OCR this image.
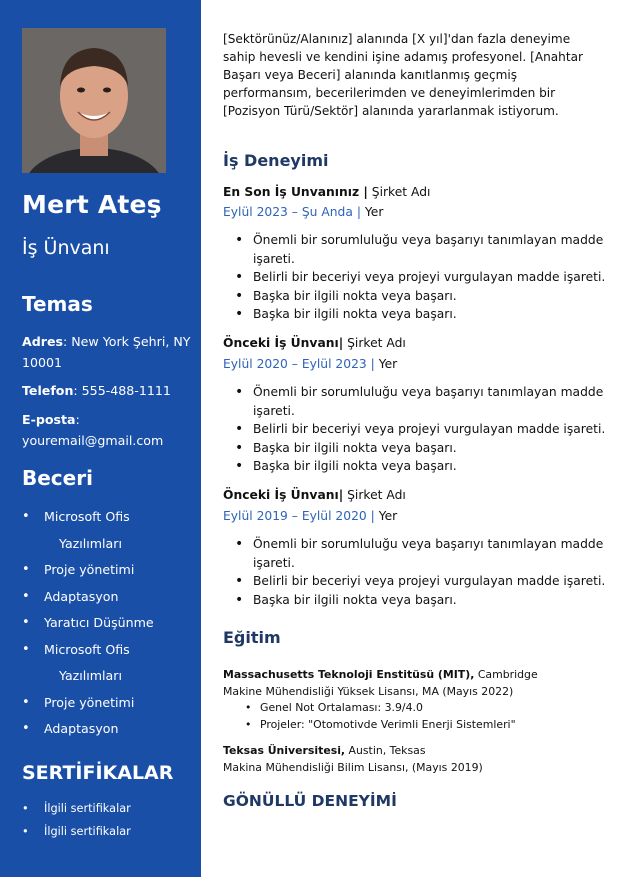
Mert Ateş
İş Ünvanı
Temas
Adres: New York Şehri, NY 10001
Telefon: 555-488-1111
E-posta:
youremail@gmail.com
Beceri
• Microsoft Ofis
Yazılımları
• Proje yönetimi
• Adaptasyon
• Yaratıcı Düşünme
• Microsoft Ofis
Yazılımları
• Proje yönetimi
• Adaptasyon
SERTİFİKALAR
• İlgili sertifikalar
• İlgili sertifikalar
[Sektörünüz/Alanınız] alanında [X yıl]'dan fazla deneyime sahip hevesli ve kendini işine adamış profesyonel. [Anahtar Başarı veya Beceri] alanında kanıtlanmış geçmiş performansım, becerilerimden ve deneyimlerimden bir [Pozisyon Türü/Sektör] alanında yararlanmak istiyorum.
İş Deneyimi
En Son İş Unvanınız | Şirket Adı
Eylül 2023 – Şu Anda | Yer
• Önemli bir sorumluluğu veya başarıyı tanımlayan madde işareti.
• Belirli bir beceriyi veya projeyi vurgulayan madde işareti.
• Başka bir ilgili nokta veya başarı.
• Başka bir ilgili nokta veya başarı.
Önceki İş Ünvanı| Şirket Adı
Eylül 2020 – Eylül 2023 | Yer
• Önemli bir sorumluluğu veya başarıyı tanımlayan madde işareti.
• Belirli bir beceriyi veya projeyi vurgulayan madde işareti.
• Başka bir ilgili nokta veya başarı.
• Başka bir ilgili nokta veya başarı.
Önceki İş Ünvanı| Şirket Adı
Eylül 2019 – Eylül 2020 | Yer
• Önemli bir sorumluluğu veya başarıyı tanımlayan madde işareti.
• Belirli bir beceriyi veya projeyi vurgulayan madde işareti.
• Başka bir ilgili nokta veya başarı.
Eğitim
Massachusetts Teknoloji Enstitüsü (MIT), Cambridge
Makine Mühendisliği Yüksek Lisansı, MA (Mayıs 2022)
• Genel Not Ortalaması: 3.9/4.0
• Projeler: "Otomotivde Verimli Enerji Sistemleri"
Teksas Üniversitesi, Austin, Teksas
Makina Mühendisliği Bilim Lisansı, (Mayıs 2019)
GÖNÜLLÜ DENEYİMİ
